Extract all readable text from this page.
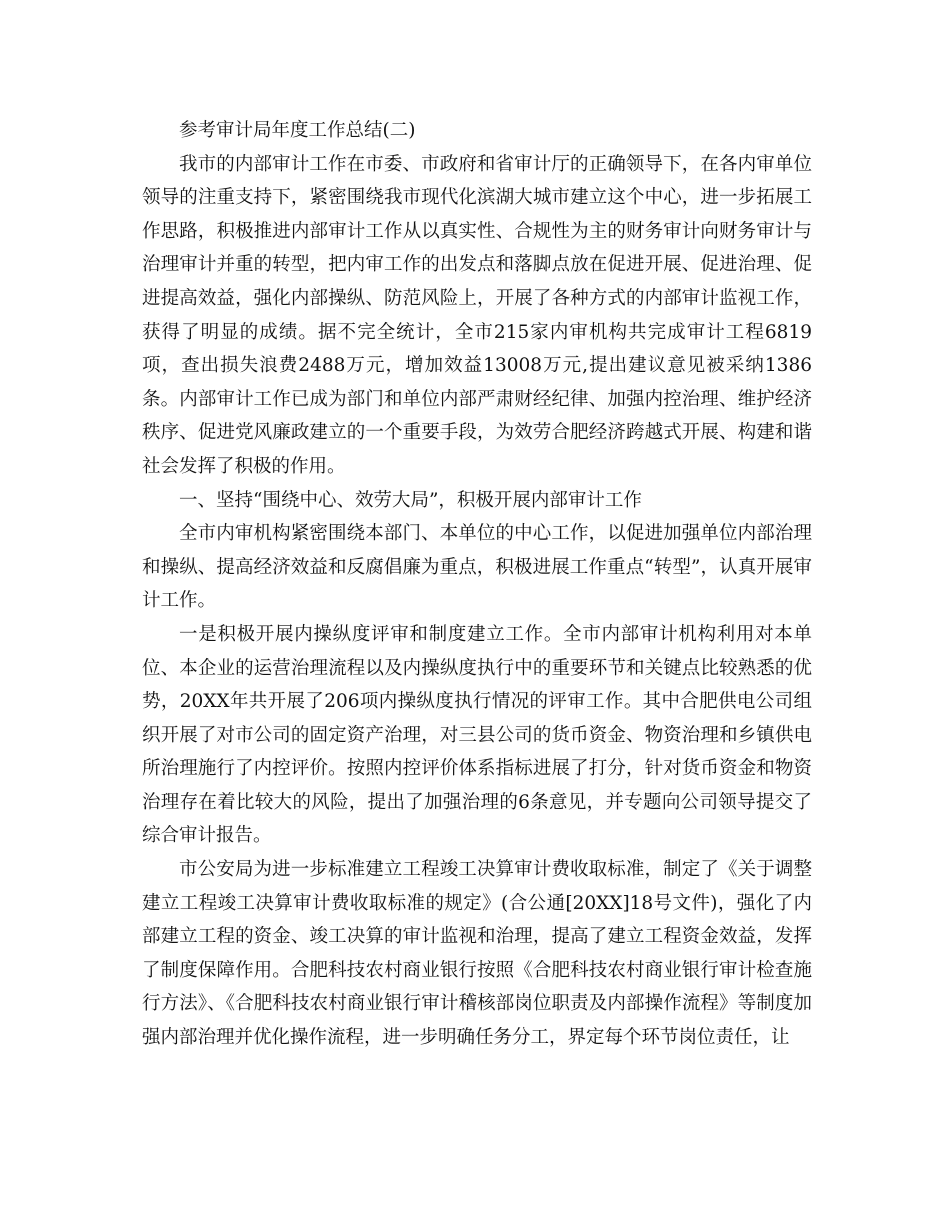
参考审计局年度工作总结(二)

我市的内部审计工作在市委、市政府和省审计厅的正确领导下，在各内审单位领导的注重支持下，紧密围绕我市现代化滨湖大城市建立这个中心，进一步拓展工作思路，积极推进内部审计工作从以真实性、合规性为主的财务审计向财务审计与治理审计并重的转型，把内审工作的出发点和落脚点放在促进开展、促进治理、促进提高效益，强化内部操纵、防范风险上，开展了各种方式的内部审计监视工作，获得了明显的成绩。据不完全统计，全市215家内审机构共完成审计工程6819项，查出损失浪费2488万元，增加效益13008万元,提出建议意见被采纳1386条。内部审计工作已成为部门和单位内部严肃财经纪律、加强内控治理、维护经济秩序、促进党风廉政建立的一个重要手段，为效劳合肥经济跨越式开展、构建和谐社会发挥了积极的作用。

一、坚持“围绕中心、效劳大局”，积极开展内部审计工作

全市内审机构紧密围绕本部门、本单位的中心工作，以促进加强单位内部治理和操纵、提高经济效益和反腐倡廉为重点，积极进展工作重点“转型”，认真开展审计工作。

一是积极开展内操纵度评审和制度建立工作。全市内部审计机构利用对本单位、本企业的运营治理流程以及内操纵度执行中的重要环节和关键点比较熟悉的优势，20XX年共开展了206项内操纵度执行情况的评审工作。其中合肥供电公司组织开展了对市公司的固定资产治理，对三县公司的货币资金、物资治理和乡镇供电所治理施行了内控评价。按照内控评价体系指标进展了打分，针对货币资金和物资治理存在着比较大的风险，提出了加强治理的6条意见，并专题向公司领导提交了综合审计报告。

市公安局为进一步标准建立工程竣工决算审计费收取标准，制定了《关于调整建立工程竣工决算审计费收取标准的规定》(合公通[20XX]18号文件)，强化了内部建立工程的资金、竣工决算的审计监视和治理，提高了建立工程资金效益，发挥了制度保障作用。合肥科技农村商业银行按照《合肥科技农村商业银行审计检查施行方法》、《合肥科技农村商业银行审计稽核部岗位职责及内部操作流程》等制度加强内部治理并优化操作流程，进一步明确任务分工，界定每个环节岗位责任，让
